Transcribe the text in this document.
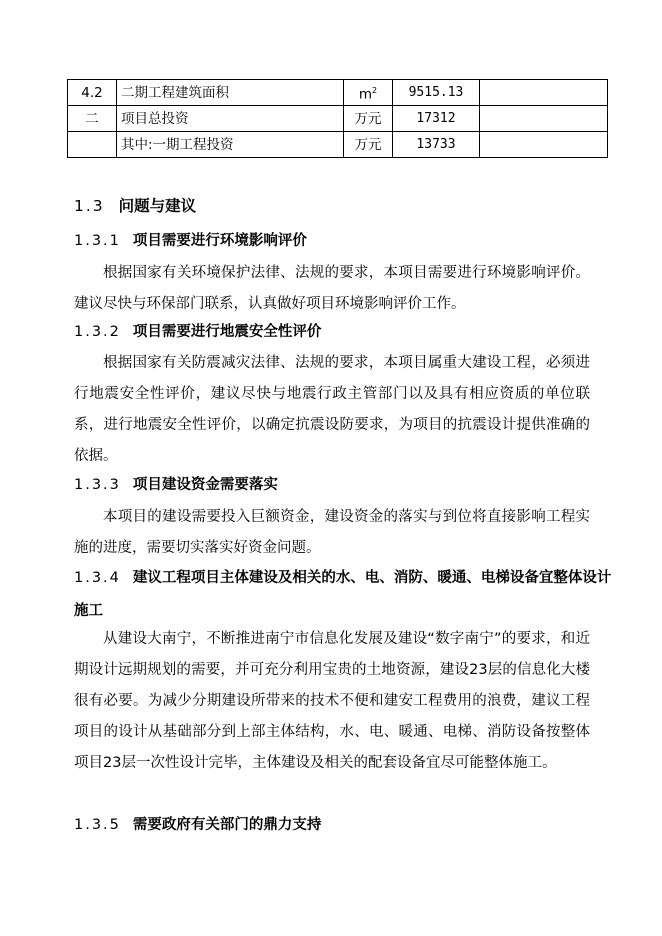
4.2	二期工程建筑面积	$m^2$	9515.13	
二	项目总投资	万元	17312	
	其中:一期工程投资	万元	13733	
1.3 问题与建议
1.3.1 项目需要进行环境影响评价
根据国家有关环境保护法律、法规的要求，本项目需要进行环境影响评价。建议尽快与环保部门联系，认真做好项目环境影响评价工作。
1.3.2 项目需要进行地震安全性评价
根据国家有关防震减灾法律、法规的要求，本项目属重大建设工程，必须进行地震安全性评价，建议尽快与地震行政主管部门以及具有相应资质的单位联系，进行地震安全性评价，以确定抗震设防要求，为项目的抗震设计提供准确的依据。
1.3.3 项目建设资金需要落实
本项目的建设需要投入巨额资金，建设资金的落实与到位将直接影响工程实施的进度，需要切实落实好资金问题。
1.3.4 建议工程项目主体建设及相关的水、电、消防、暖通、电梯设备宜整体设计施工
从建设大南宁，不断推进南宁市信息化发展及建设“数字南宁”的要求，和近期设计远期规划的需要，并可充分利用宝贵的土地资源，建设23层的信息化大楼很有必要。为减少分期建设所带来的技术不便和建安工程费用的浪费，建议工程项目的设计从基础部分到上部主体结构，水、电、暖通、电梯、消防设备按整体项目23层一次性设计完毕，主体建设及相关的配套设备宜尽可能整体施工。
1.3.5 需要政府有关部门的鼎力支持
